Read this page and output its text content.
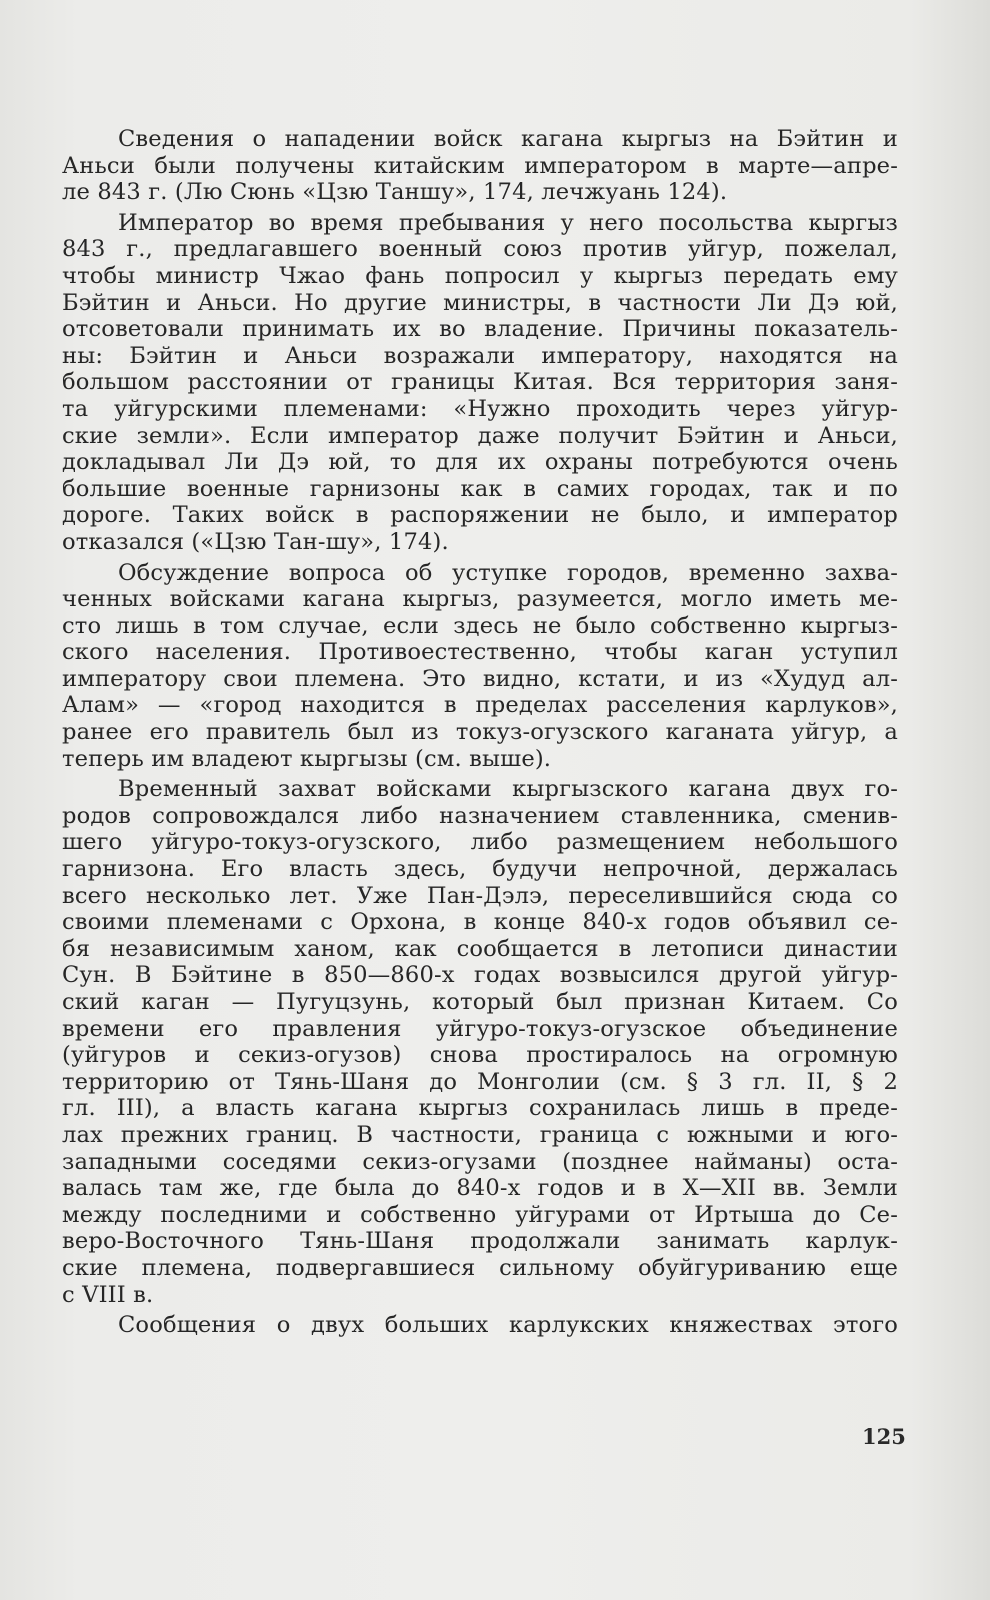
Сведения о нападении войск кагана кыргыз на Бэйтин и
Аньси были получены китайским императором в марте—апре-
ле 843 г. (Лю Сюнь «Цзю Таншу», 174, лечжуань 124).
Император во время пребывания у него посольства кыргыз
843 г., предлагавшего военный союз против уйгур, пожелал,
чтобы министр Чжао фань попросил у кыргыз передать ему
Бэйтин и Аньси. Но другие министры, в частности Ли Дэ юй,
отсоветовали принимать их во владение. Причины показатель-
ны: Бэйтин и Аньси возражали императору, находятся на
большом расстоянии от границы Китая. Вся территория заня-
та уйгурскими племенами: «Нужно проходить через уйгур-
ские земли». Если император даже получит Бэйтин и Аньси,
докладывал Ли Дэ юй, то для их охраны потребуются очень
большие военные гарнизоны как в самих городах, так и по
дороге. Таких войск в распоряжении не было, и император
отказался («Цзю Тан-шу», 174).
Обсуждение вопроса об уступке городов, временно захва-
ченных войсками кагана кыргыз, разумеется, могло иметь ме-
сто лишь в том случае, если здесь не было собственно кыргыз-
ского населения. Противоестественно, чтобы каган уступил
императору свои племена. Это видно, кстати, и из «Худуд ал-
Алам» — «город находится в пределах расселения карлуков»,
ранее его правитель был из токуз-огузского каганата уйгур, а
теперь им владеют кыргызы (см. выше).
Временный захват войсками кыргызского кагана двух го-
родов сопровождался либо назначением ставленника, сменив-
шего уйгуро-токуз-огузского, либо размещением небольшого
гарнизона. Его власть здесь, будучи непрочной, держалась
всего несколько лет. Уже Пан-Дэлэ, переселившийся сюда со
своими племенами с Орхона, в конце 840-х годов объявил се-
бя независимым ханом, как сообщается в летописи династии
Сун. В Бэйтине в 850—860-х годах возвысился другой уйгур-
ский каган — Пугуцзунь, который был признан Китаем. Со
времени его правления уйгуро-токуз-огузское объединение
(уйгуров и секиз-огузов) снова простиралось на огромную
территорию от Тянь-Шаня до Монголии (см. § 3 гл. II, § 2
гл. III), а власть кагана кыргыз сохранилась лишь в преде-
лах прежних границ. В частности, граница с южными и юго-
западными соседями секиз-огузами (позднее найманы) оста-
валась там же, где была до 840-х годов и в X—XII вв. Земли
между последними и собственно уйгурами от Иртыша до Се-
веро-Восточного Тянь-Шаня продолжали занимать карлук-
ские племена, подвергавшиеся сильному обуйгуриванию еще
с VIII в.
Сообщения о двух больших карлукских княжествах этого
125
